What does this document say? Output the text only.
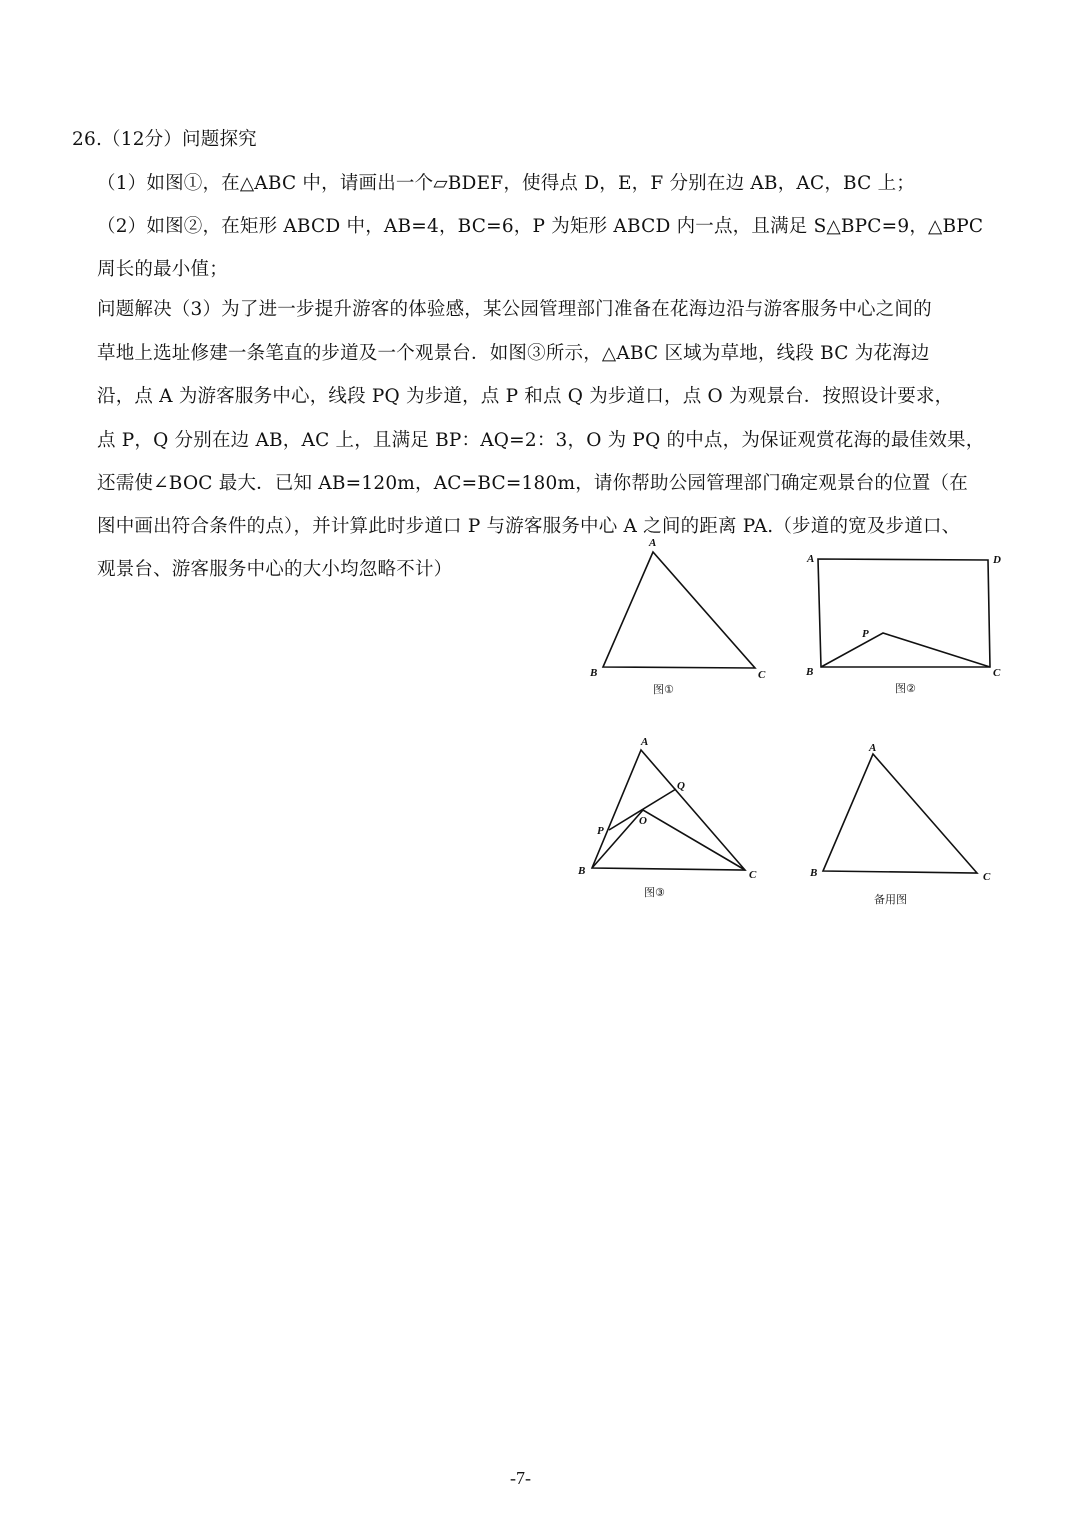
26.（12分）问题探究
（1）如图①，在△ABC 中，请画出一个▱BDEF，使得点 D，E，F 分别在边 AB，AC，BC 上；
（2）如图②，在矩形 ABCD 中，AB=4，BC=6，P 为矩形 ABCD 内一点，且满足 S△BPC=9，△BPC
周长的最小值；
问题解决（3）为了进一步提升游客的体验感，某公园管理部门准备在花海边沿与游客服务中心之间的
草地上选址修建一条笔直的步道及一个观景台．如图③所示，△ABC 区域为草地，线段 BC 为花海边
沿，点 A 为游客服务中心，线段 PQ 为步道，点 P 和点 Q 为步道口，点 O 为观景台．按照设计要求，
点 P，Q 分别在边 AB，AC 上，且满足 BP：AQ=2：3，O 为 PQ 的中点，为保证观赏花海的最佳效果，
还需使∠BOC 最大．已知 AB=120m，AC=BC=180m，请你帮助公园管理部门确定观景台的位置（在
图中画出符合条件的点），并计算此时步道口 P 与游客服务中心 A 之间的距离 PA.（步道的宽及步道口、
观景台、游客服务中心的大小均忽略不计）
A
B	C
图①
A	D
B	C
P
图②
A
B	C
P
Q
O
图③
A
B	C
备用图
-7-
